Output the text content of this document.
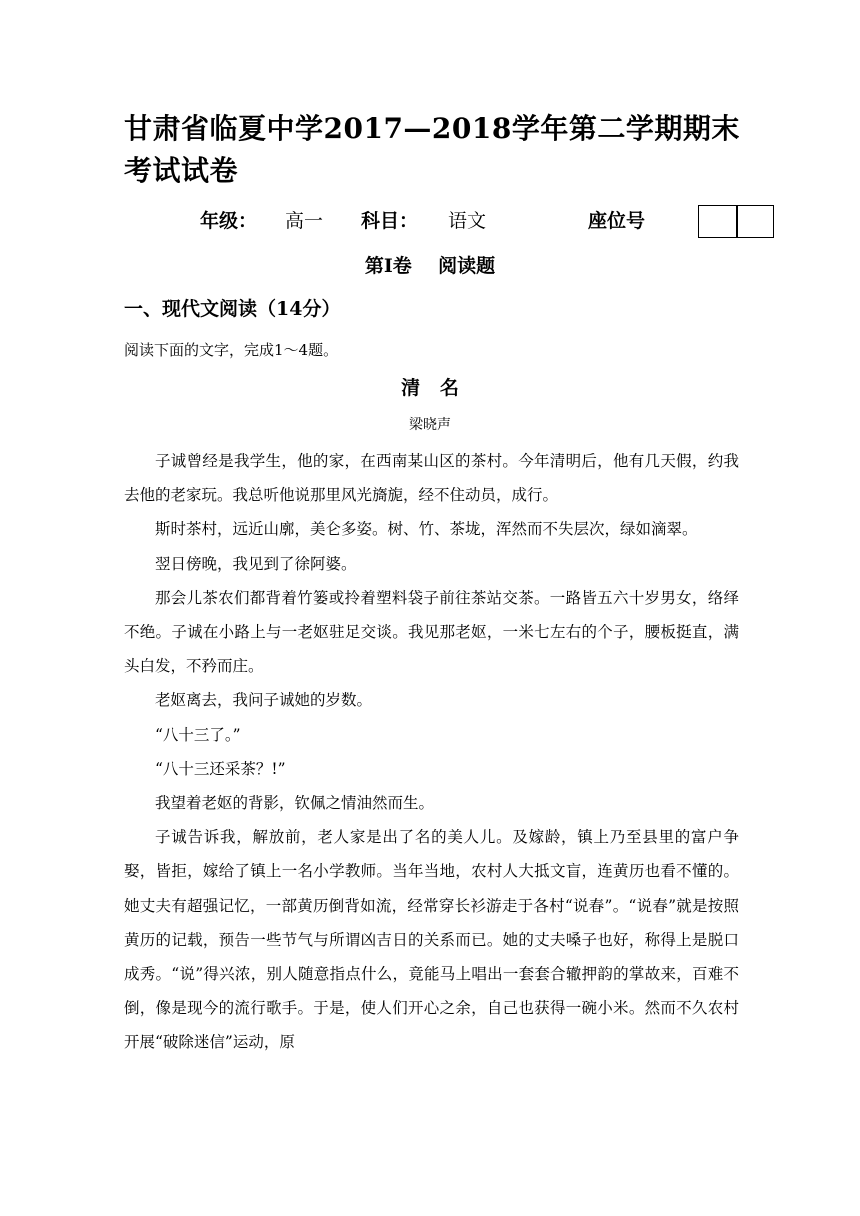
甘肃省临夏中学2017—2018学年第二学期期末考试试卷
年级： 高一 科目： 语文	座位号
第Ⅰ卷    阅读题
一、现代文阅读（14分）
阅读下面的文字，完成1～4题。
清   名
梁晓声

子诚曾经是我学生，他的家，在西南某山区的茶村。今年清明后，他有几天假，约我去他的老家玩。我总听他说那里风光旖旎，经不住动员，成行。

斯时茶村，远近山廓，美仑多姿。树、竹、茶垅，浑然而不失层次，绿如滴翠。

翌日傍晚，我见到了徐阿婆。

那会儿茶农们都背着竹篓或拎着塑料袋子前往茶站交茶。一路皆五六十岁男女，络绎不绝。子诚在小路上与一老妪驻足交谈。我见那老妪，一米七左右的个子，腰板挺直，满头白发，不矜而庄。

老妪离去，我问子诚她的岁数。

“八十三了。”

“八十三还采茶？!”

我望着老妪的背影，钦佩之情油然而生。

子诚告诉我，解放前，老人家是出了名的美人儿。及嫁龄，镇上乃至县里的富户争娶，皆拒，嫁给了镇上一名小学教师。当年当地，农村人大抵文盲，连黄历也看不懂的。她丈夫有超强记忆，一部黄历倒背如流，经常穿长衫游走于各村“说春”。“说春”就是按照黄历的记载，预告一些节气与所谓凶吉日的关系而已。她的丈夫嗓子也好，称得上是脱口成秀。“说”得兴浓，别人随意指点什么，竟能马上唱出一套套合辙押韵的掌故来，百难不倒，像是现今的流行歌手。于是，使人们开心之余，自己也获得一碗小米。然而不久农村开展“破除迷信”运动，原
